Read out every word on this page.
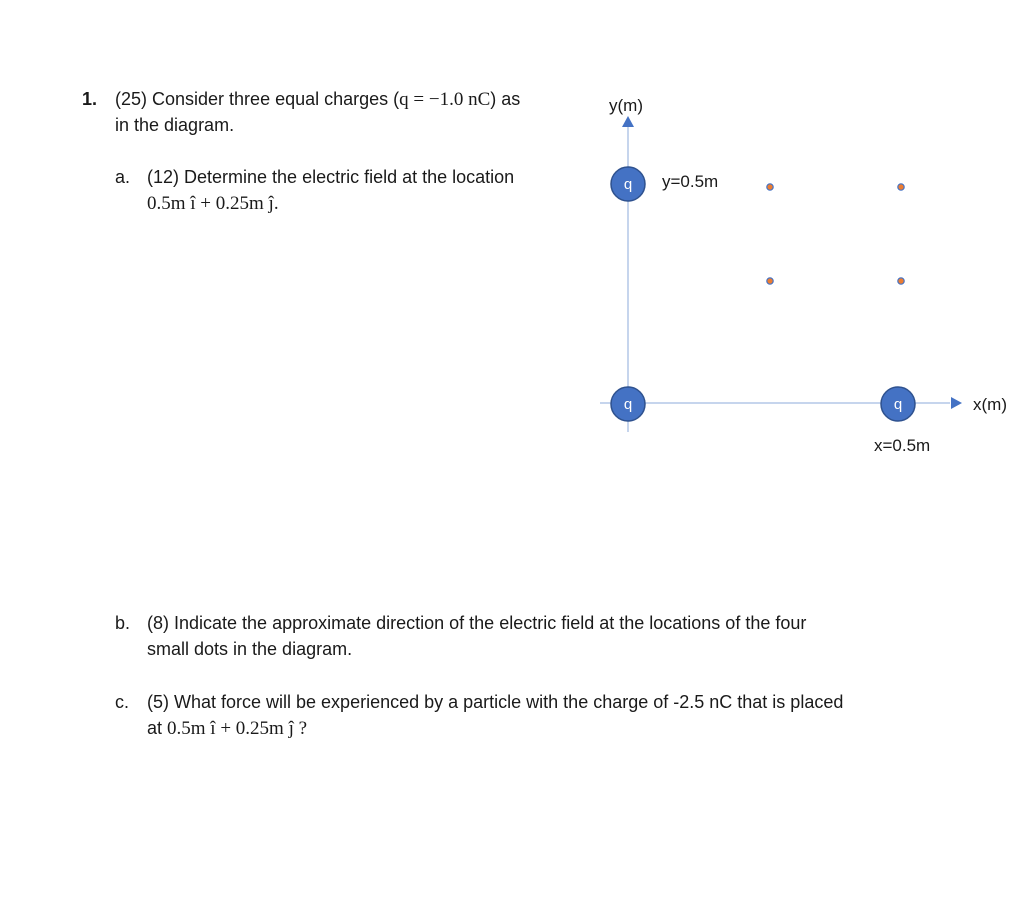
1. (25) Consider three equal charges (q = −1.0 nC) as
in the diagram.
a. (12) Determine the electric field at the location
0.5m î + 0.25m ĵ.
b. (8) Indicate the approximate direction of the electric field at the locations of the four
small dots in the diagram.
c. (5) What force will be experienced by a particle with the charge of -2.5 nC that is placed
at 0.5m î + 0.25m ĵ ?
y(m)
x(m)
y=0.5m
x=0.5m
q
q	q
